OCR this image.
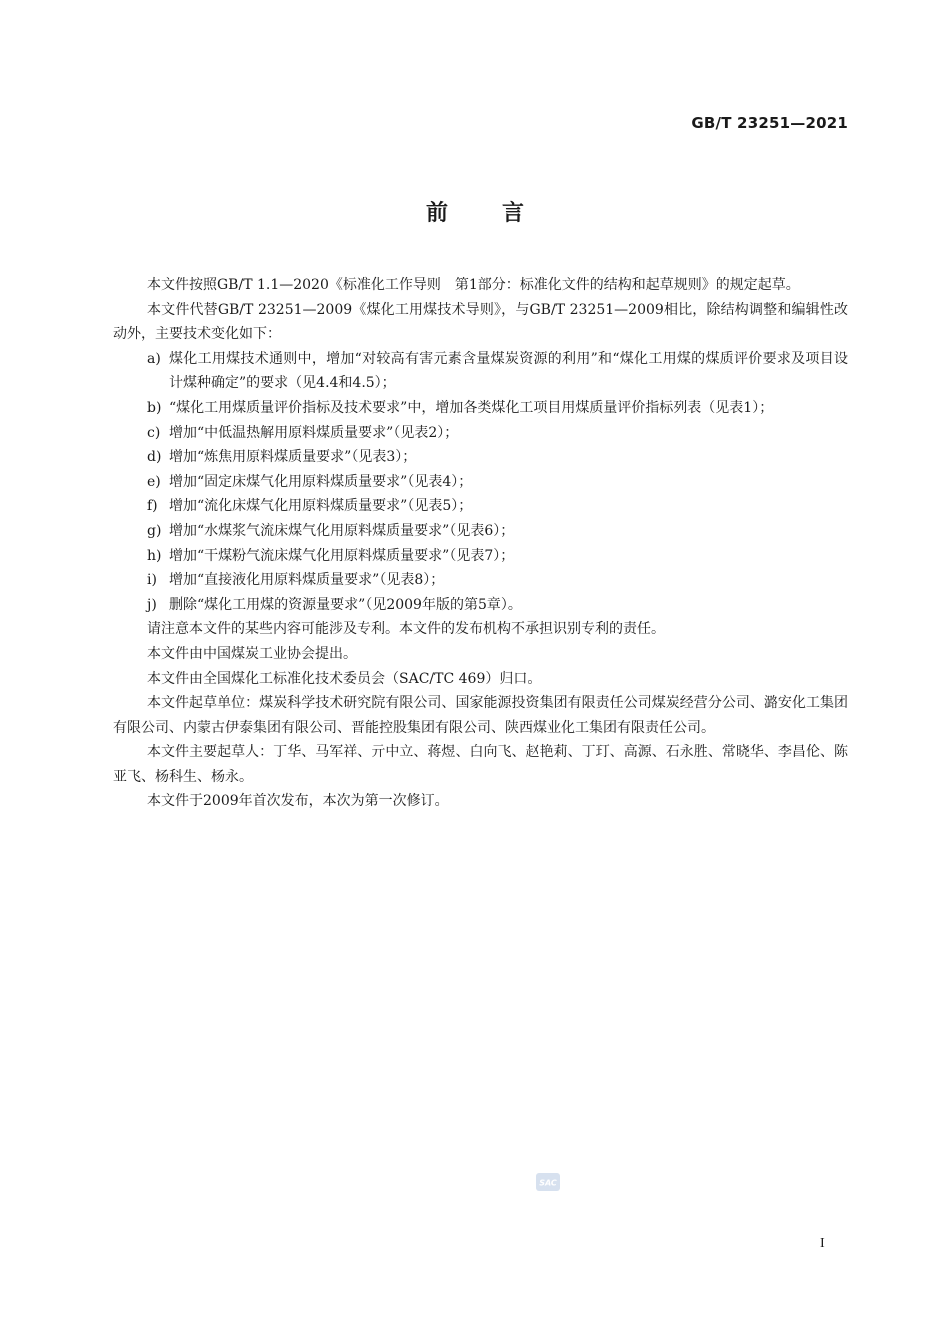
GB/T 23251—2021
前言

本文件按照GB/T 1.1—2020《标准化工作导则　第1部分：标准化文件的结构和起草规则》的规定起草。

本文件代替GB/T 23251—2009《煤化工用煤技术导则》，与GB/T 23251—2009相比，除结构调整和编辑性改动外，主要技术变化如下：

a) 煤化工用煤技术通则中，增加“对较高有害元素含量煤炭资源的利用”和“煤化工用煤的煤质评价要求及项目设计煤种确定”的要求（见4.4和4.5）；
b) “煤化工用煤质量评价指标及技术要求”中，增加各类煤化工项目用煤质量评价指标列表（见表1）；
c) 增加“中低温热解用原料煤质量要求”（见表2）；
d) 增加“炼焦用原料煤质量要求”（见表3）；
e) 增加“固定床煤气化用原料煤质量要求”（见表4）；
f) 增加“流化床煤气化用原料煤质量要求”（见表5）；
g) 增加“水煤浆气流床煤气化用原料煤质量要求”（见表6）；
h) 增加“干煤粉气流床煤气化用原料煤质量要求”（见表7）；
i) 增加“直接液化用原料煤质量要求”（见表8）；
j) 删除“煤化工用煤的资源量要求”（见2009年版的第5章）。

请注意本文件的某些内容可能涉及专利。本文件的发布机构不承担识别专利的责任。

本文件由中国煤炭工业协会提出。

本文件由全国煤化工标准化技术委员会（SAC/TC 469）归口。

本文件起草单位：煤炭科学技术研究院有限公司、国家能源投资集团有限责任公司煤炭经营分公司、潞安化工集团有限公司、内蒙古伊泰集团有限公司、晋能控股集团有限公司、陕西煤业化工集团有限责任公司。

本文件主要起草人：丁华、马军祥、亓中立、蒋煜、白向飞、赵艳莉、丁玎、高源、石永胜、常晓华、李昌伦、陈亚飞、杨科生、杨永。

本文件于2009年首次发布，本次为第一次修订。

SAC
I
